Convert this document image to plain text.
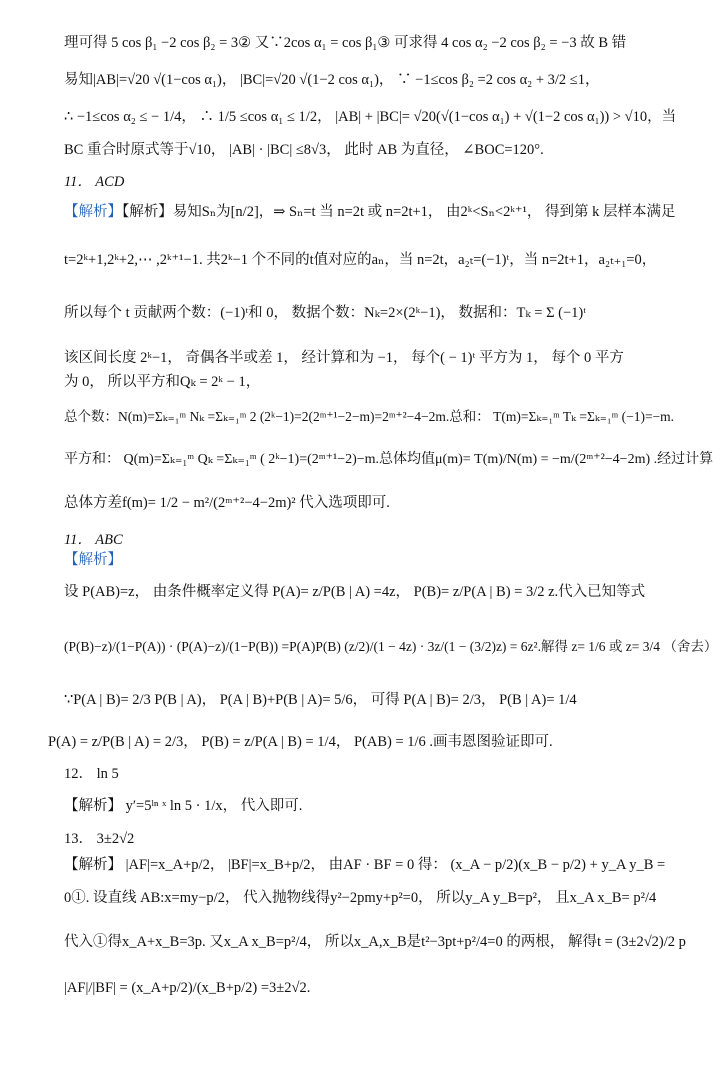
理可得 5 cos β₁ −2 cos β₂ = 3② 又∵2cos α₁ = cos β₁③ 可求得 4 cos α₂ −2 cos β₂ = −3 故 B 错
易知|AB|=√20 √(1−cos α₁)， |BC|=√20 √(1−2 cos α₁)， ∵ −1≤cos β₂ =2 cos α₂ + 3/2 ≤1，
∴ −1≤cos α₂ ≤ − 1/4， ∴ 1/5 ≤cos α₁ ≤ 1/2， |AB| + |BC|= √20(√(1−cos α₁) + √(1−2 cos α₁)) > √10，当
BC 重合时原式等于√10， |AB| · |BC| ≤8√3， 此时 AB 为直径， ∠BOC=120°.
11． ACD
【解析】【解析】易知Sₙ为[n/2]，⇒ Sₙ=t 当 n=2t 或 n=2t+1， 由2ᵏ<Sₙ<2ᵏ⁺¹， 得到第 k 层样本满足
t=2ᵏ+1,2ᵏ+2,⋯ ,2ᵏ⁺¹−1. 共2ᵏ−1 个不同的t值对应的aₙ，当 n=2t，a₂ₜ=(−1)ᵗ，当 n=2t+1，a₂ₜ₊₁=0，
所以每个 t 贡献两个数：(−1)ᵗ和 0， 数据个数：Nₖ=2×(2ᵏ−1)， 数据和：Tₖ = Σ (−1)ᵗ
该区间长度 2ᵏ−1， 奇偶各半或差 1， 经计算和为 −1， 每个( − 1)ᵗ 平方为 1， 每个 0 平方
为 0， 所以平方和Qₖ = 2ᵏ − 1，
总个数：N(m)=Σₖ₌₁ᵐ Nₖ =Σₖ₌₁ᵐ 2 (2ᵏ−1)=2(2ᵐ⁺¹−2−m)=2ᵐ⁺²−4−2m.总和： T(m)=Σₖ₌₁ᵐ Tₖ =Σₖ₌₁ᵐ (−1)=−m.
平方和： Q(m)=Σₖ₌₁ᵐ Qₖ =Σₖ₌₁ᵐ ( 2ᵏ−1)=(2ᵐ⁺¹−2)−m.总体均值μ(m)= T(m)/N(m) = −m/(2ᵐ⁺²−4−2m) .经过计算
总体方差f(m)= 1/2 − m²/(2ᵐ⁺²−4−2m)² 代入选项即可.
11． ABC
【解析】
设 P(AB)=z， 由条件概率定义得 P(A)= z/P(B | A) =4z， P(B)= z/P(A | B) = 3/2 z.代入已知等式
(P(B)−z)/(1−P(A)) · (P(A)−z)/(1−P(B)) =P(A)P(B) (z/2)/(1 − 4z) · 3z/(1 − (3/2)z) = 6z².解得 z= 1/6 或 z= 3/4 （舍去）
∵P(A | B)= 2/3 P(B | A)， P(A | B)+P(B | A)= 5/6， 可得 P(A | B)= 2/3， P(B | A)= 1/4
P(A) = z/P(B | A) = 2/3， P(B) = z/P(A | B) = 1/4， P(AB) = 1/6 .画韦恩图验证即可.
12． ln 5
【解析】 y′=5ˡⁿ ˣ ln 5 · 1/x， 代入即可.
13． 3±2√2
【解析】 |AF|=x_A+p/2， |BF|=x_B+p/2， 由AF · BF = 0 得： (x_A − p/2)(x_B − p/2) + y_A y_B =
0①. 设直线 AB:x=my−p/2， 代入抛物线得y²−2pmy+p²=0， 所以y_A y_B=p²， 且x_A x_B= p²/4
代入①得x_A+x_B=3p. 又x_A x_B=p²/4， 所以x_A,x_B是t²−3pt+p²/4=0 的两根， 解得t = (3±2√2)/2 p
|AF|/|BF| = (x_A+p/2)/(x_B+p/2) =3±2√2.
